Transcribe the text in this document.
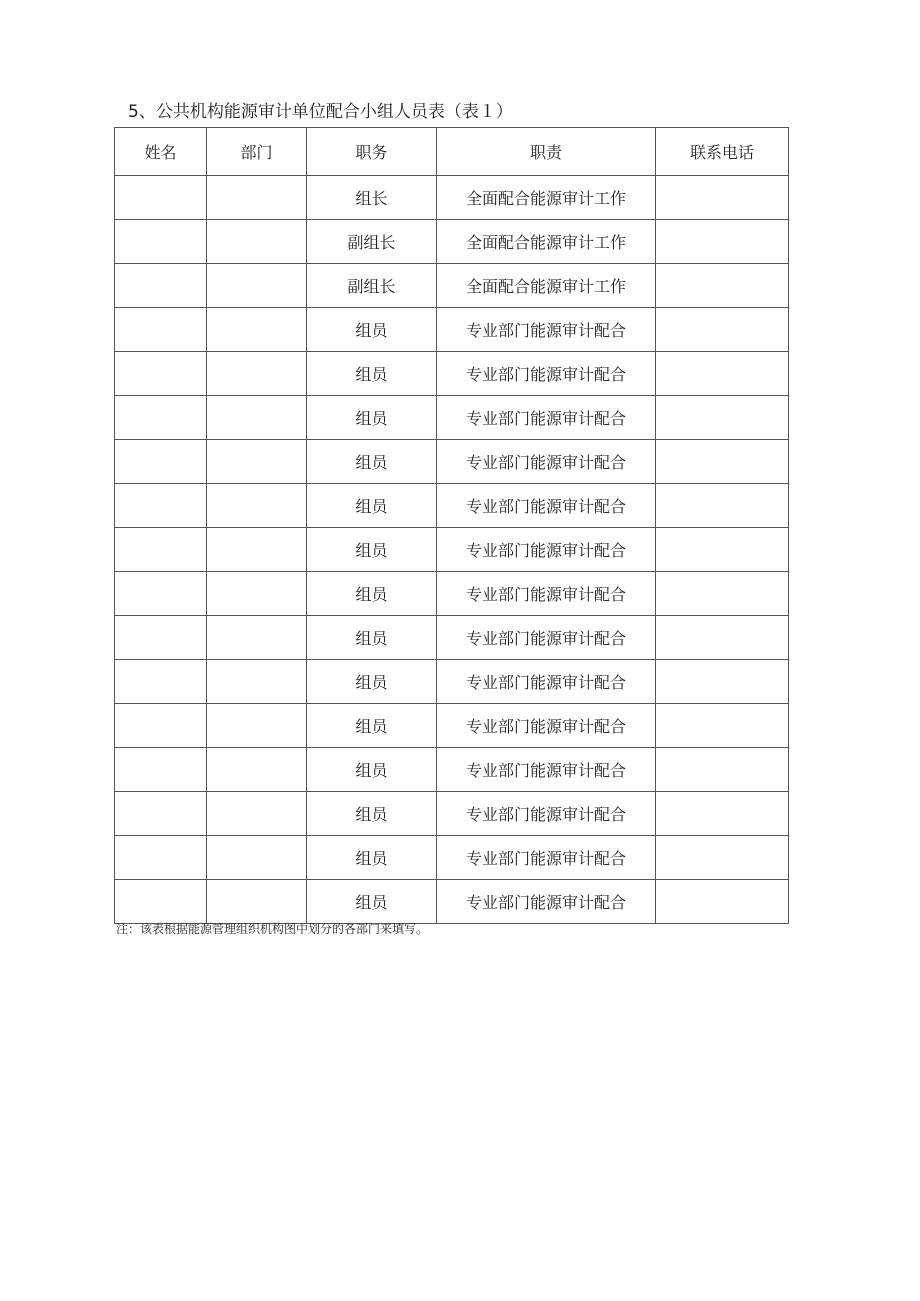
5、公共机构能源审计单位配合小组人员表（表１）
姓名	部门	职务	职责	联系电话
		组长	全面配合能源审计工作	
		副组长	全面配合能源审计工作	
		副组长	全面配合能源审计工作	
		组员	专业部门能源审计配合	
		组员	专业部门能源审计配合	
		组员	专业部门能源审计配合	
		组员	专业部门能源审计配合	
		组员	专业部门能源审计配合	
		组员	专业部门能源审计配合	
		组员	专业部门能源审计配合	
		组员	专业部门能源审计配合	
		组员	专业部门能源审计配合	
		组员	专业部门能源审计配合	
		组员	专业部门能源审计配合	
		组员	专业部门能源审计配合	
		组员	专业部门能源审计配合	
		组员	专业部门能源审计配合	
注：该表根据能源管理组织机构图中划分的各部门来填写。
